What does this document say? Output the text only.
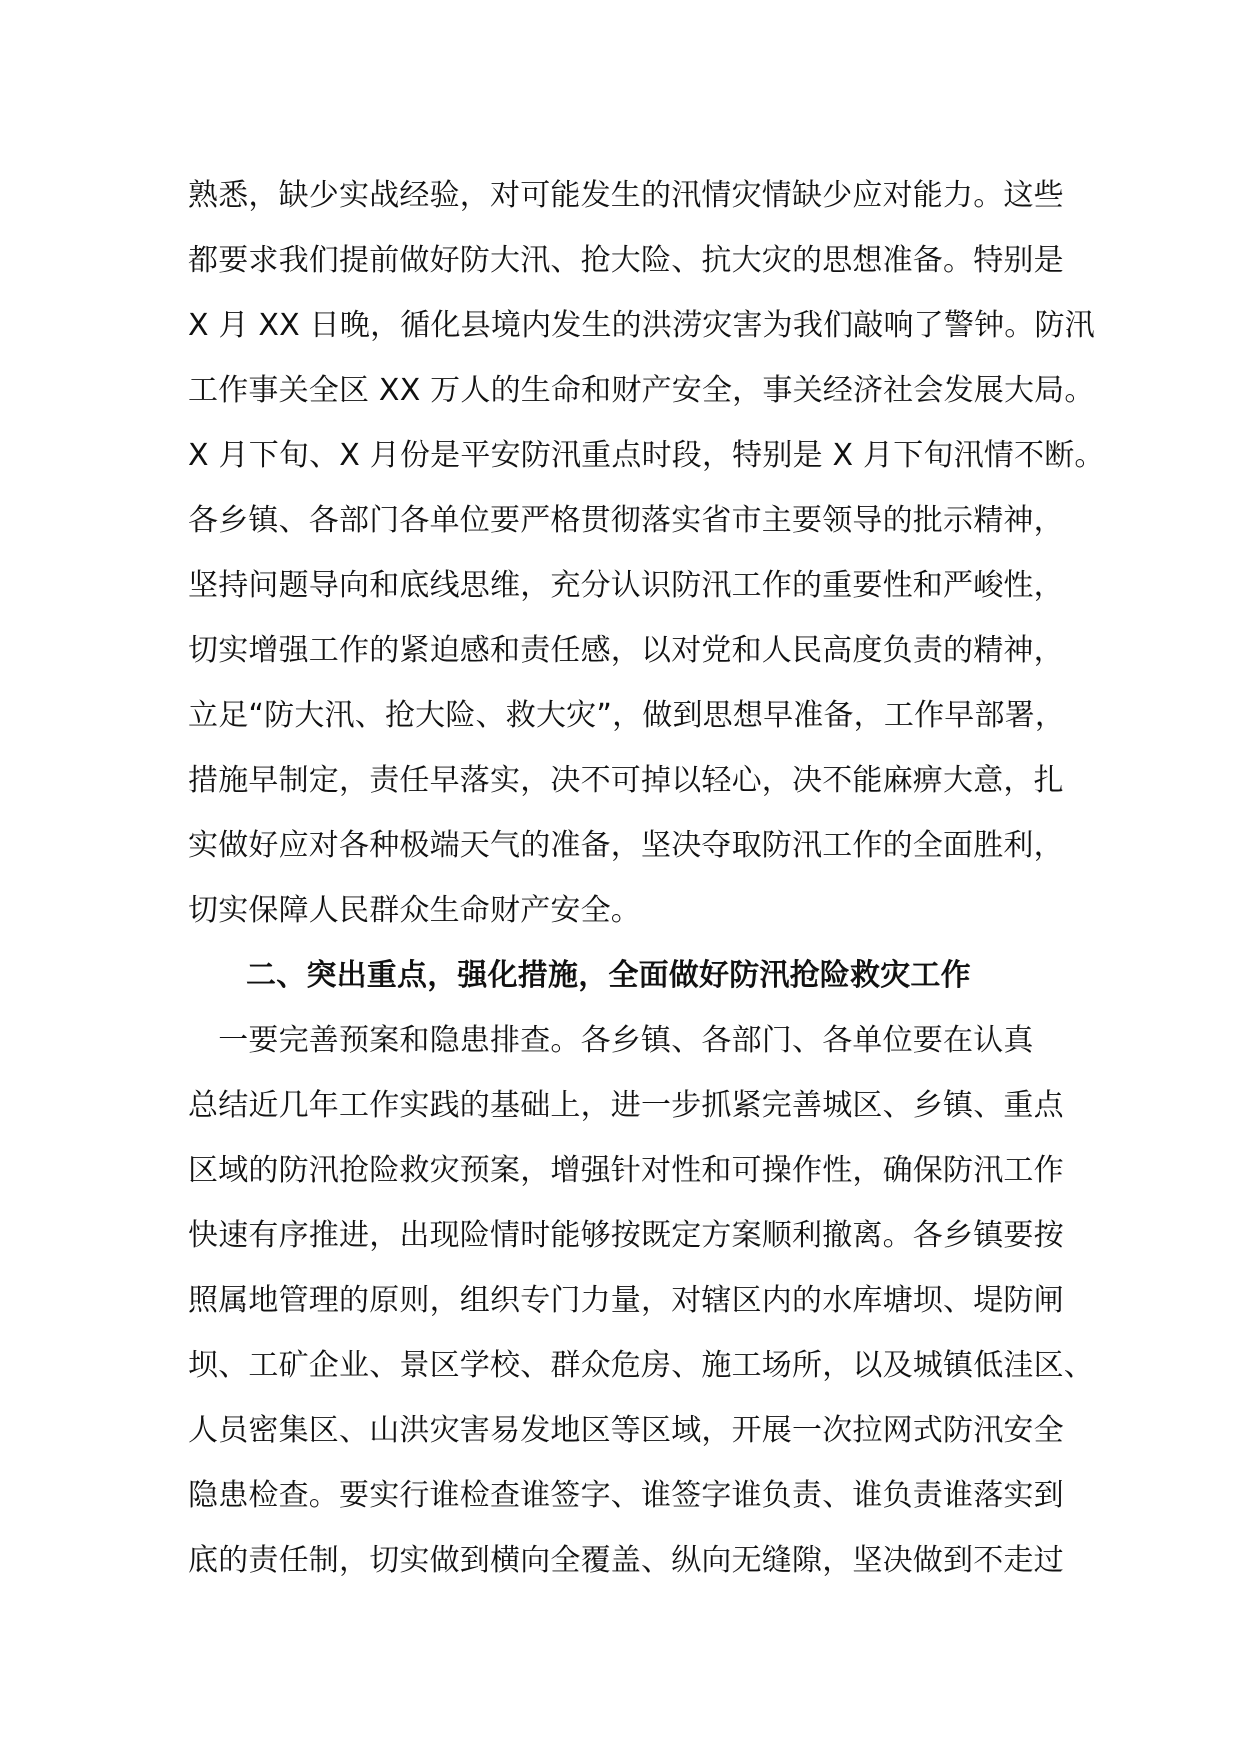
熟悉，缺少实战经验，对可能发生的汛情灾情缺少应对能力。这些
都要求我们提前做好防大汛、抢大险、抗大灾的思想准备。特别是
X 月 XX 日晚，循化县境内发生的洪涝灾害为我们敲响了警钟。防汛
工作事关全区 XX 万人的生命和财产安全，事关经济社会发展大局。
X 月下旬、X 月份是平安防汛重点时段，特别是 X 月下旬汛情不断。
各乡镇、各部门各单位要严格贯彻落实省市主要领导的批示精神，
坚持问题导向和底线思维，充分认识防汛工作的重要性和严峻性，
切实增强工作的紧迫感和责任感，以对党和人民高度负责的精神，
立足“防大汛、抢大险、救大灾”，做到思想早准备，工作早部署，
措施早制定，责任早落实，决不可掉以轻心，决不能麻痹大意，扎
实做好应对各种极端天气的准备，坚决夺取防汛工作的全面胜利，
切实保障人民群众生命财产安全。
二、突出重点，强化措施，全面做好防汛抢险救灾工作
　一要完善预案和隐患排查。各乡镇、各部门、各单位要在认真
总结近几年工作实践的基础上，进一步抓紧完善城区、乡镇、重点
区域的防汛抢险救灾预案，增强针对性和可操作性，确保防汛工作
快速有序推进，出现险情时能够按既定方案顺利撤离。各乡镇要按
照属地管理的原则，组织专门力量，对辖区内的水库塘坝、堤防闸
坝、工矿企业、景区学校、群众危房、施工场所，以及城镇低洼区、
人员密集区、山洪灾害易发地区等区域，开展一次拉网式防汛安全
隐患检查。要实行谁检查谁签字、谁签字谁负责、谁负责谁落实到
底的责任制，切实做到横向全覆盖、纵向无缝隙，坚决做到不走过
